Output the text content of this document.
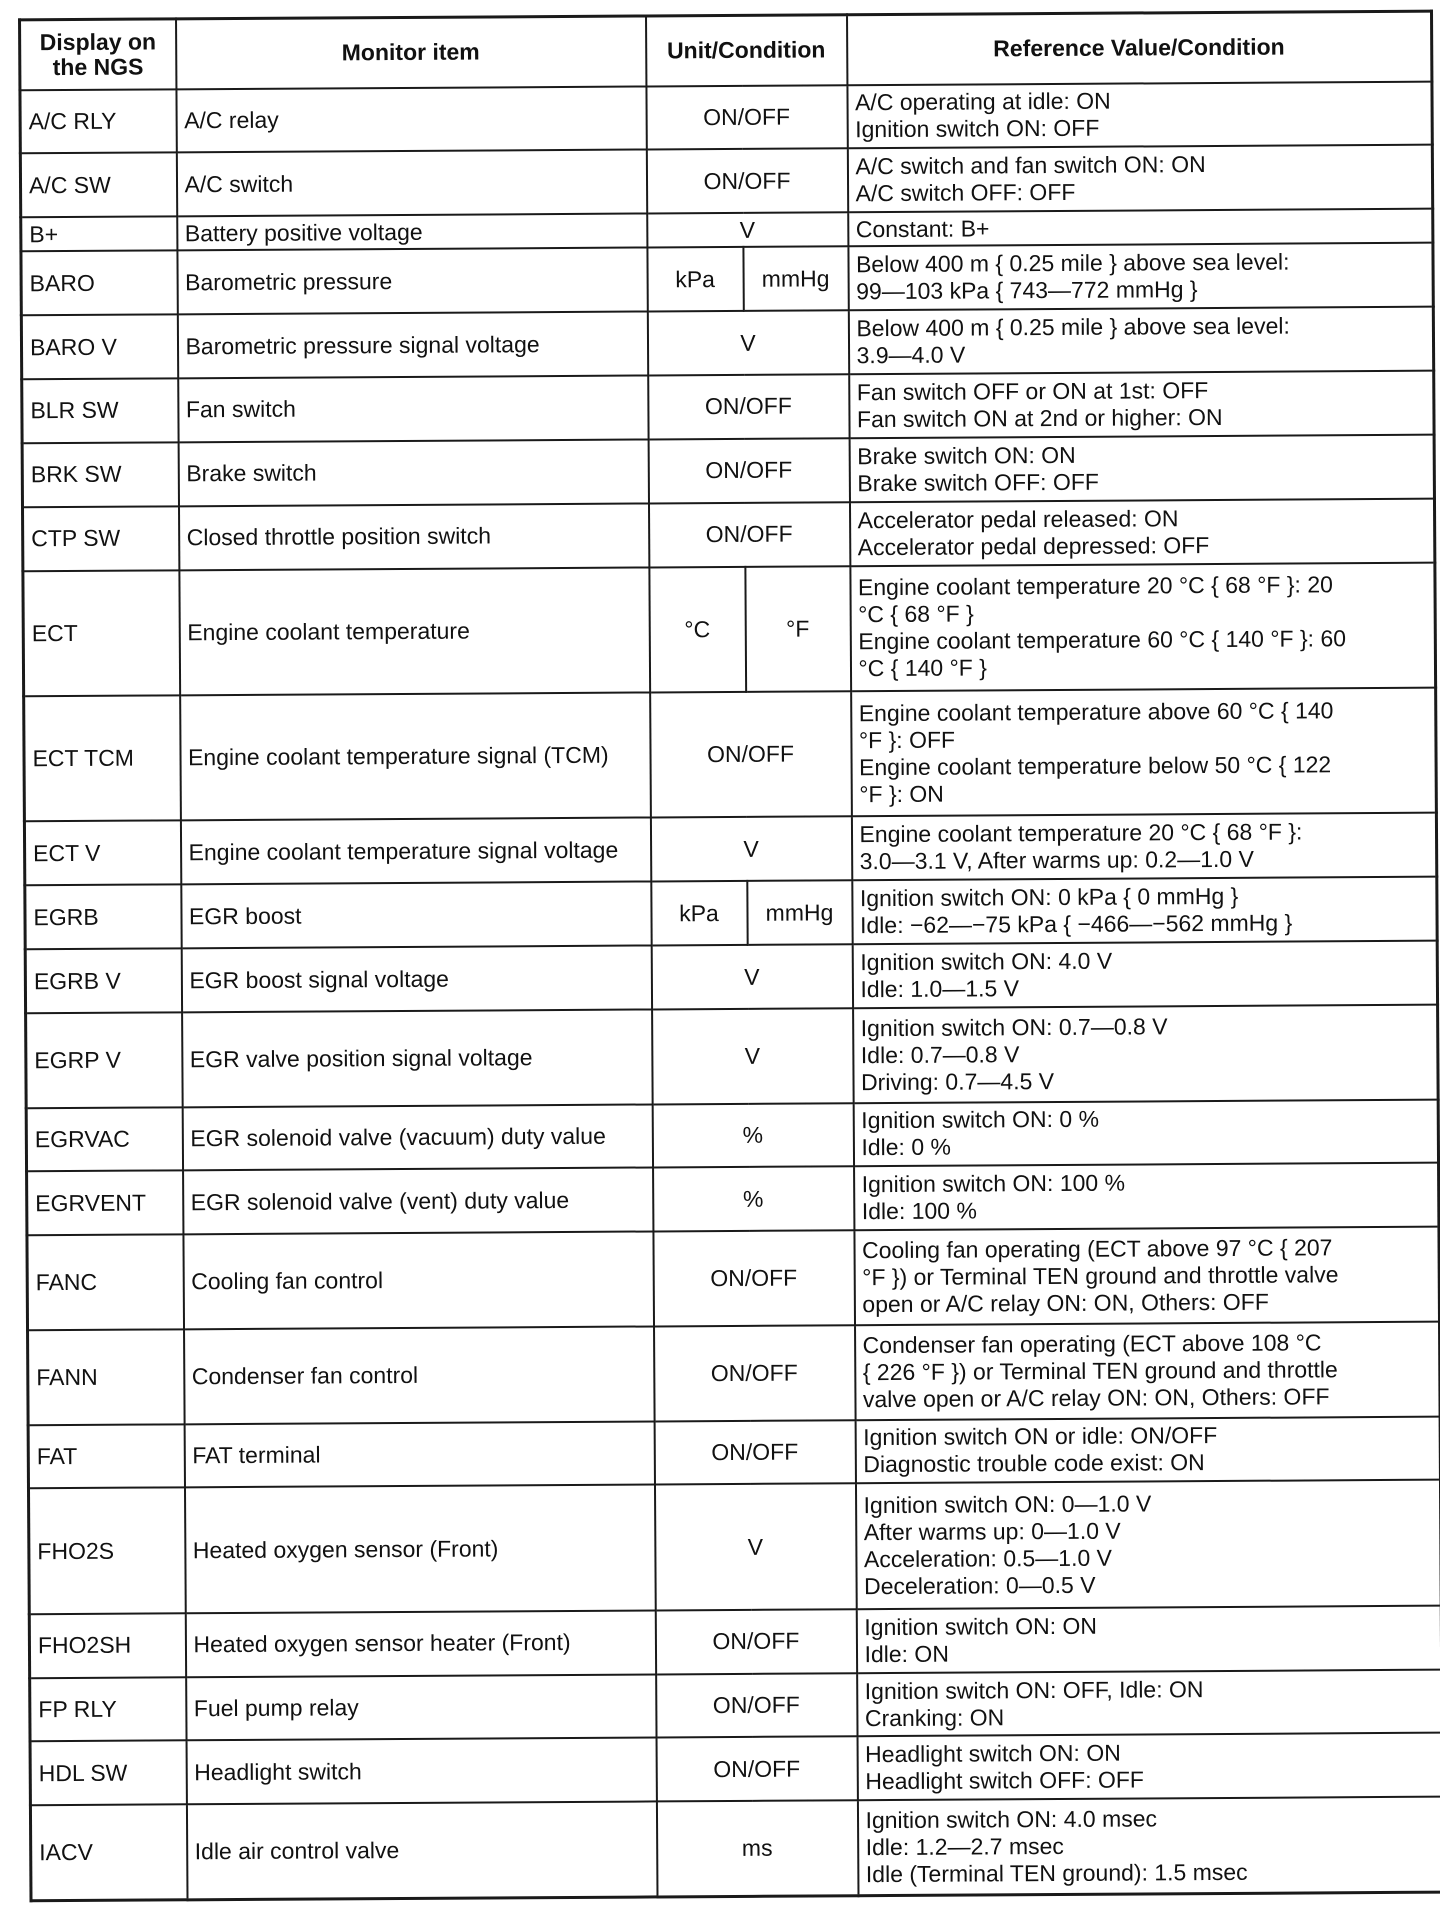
Display on the NGS	Monitor item	Unit/Condition		Reference Value/Condition
A/C RLY	A/C relay	ON/OFF		A/C operating at idle: ON
Ignition switch ON: OFF

A/C SW	A/C switch	ON/OFF		A/C switch and fan switch ON: ON
A/C switch OFF: OFF

B+	Battery positive voltage	V		Constant: B+

BARO	Barometric pressure	kPa	mmHg	Below 400 m { 0.25 mile } above sea level:
99—103 kPa { 743—772 mmHg }

BARO V	Barometric pressure signal voltage	V		Below 400 m { 0.25 mile } above sea level:
3.9—4.0 V

BLR SW	Fan switch	ON/OFF		Fan switch OFF or ON at 1st: OFF
Fan switch ON at 2nd or higher: ON

BRK SW	Brake switch	ON/OFF		Brake switch ON: ON
Brake switch OFF: OFF

CTP SW	Closed throttle position switch	ON/OFF		Accelerator pedal released: ON
Accelerator pedal depressed: OFF

ECT	Engine coolant temperature	°C	°F	Engine coolant temperature 20 °C { 68 °F }: 20
°C { 68 °F }
Engine coolant temperature 60 °C { 140 °F }: 60
°C { 140 °F }

ECT TCM	Engine coolant temperature signal (TCM)	ON/OFF		Engine coolant temperature above 60 °C { 140
°F }: OFF
Engine coolant temperature below 50 °C { 122
°F }: ON

ECT V	Engine coolant temperature signal voltage	V		Engine coolant temperature 20 °C { 68 °F }:
3.0—3.1 V, After warms up: 0.2—1.0 V

EGRB	EGR boost	kPa	mmHg	Ignition switch ON: 0 kPa { 0 mmHg }
Idle: −62—−75 kPa { −466—−562 mmHg }

EGRB V	EGR boost signal voltage	V		Ignition switch ON: 4.0 V
Idle: 1.0—1.5 V

EGRP V	EGR valve position signal voltage	V		Ignition switch ON: 0.7—0.8 V
Idle: 0.7—0.8 V
Driving: 0.7—4.5 V

EGRVAC	EGR solenoid valve (vacuum) duty value	%		Ignition switch ON: 0 %
Idle: 0 %

EGRVENT	EGR solenoid valve (vent) duty value	%		Ignition switch ON: 100 %
Idle: 100 %

FANC	Cooling fan control	ON/OFF		Cooling fan operating (ECT above 97 °C { 207
°F }) or Terminal TEN ground and throttle valve
open or A/C relay ON: ON, Others: OFF

FANN	Condenser fan control	ON/OFF		Condenser fan operating (ECT above 108 °C
{ 226 °F }) or Terminal TEN ground and throttle
valve open or A/C relay ON: ON, Others: OFF

FAT	FAT terminal	ON/OFF		Ignition switch ON or idle: ON/OFF
Diagnostic trouble code exist: ON

FHO2S	Heated oxygen sensor (Front)	V		Ignition switch ON: 0—1.0 V
After warms up: 0—1.0 V
Acceleration: 0.5—1.0 V
Deceleration: 0—0.5 V

FHO2SH	Heated oxygen sensor heater (Front)	ON/OFF		Ignition switch ON: ON
Idle: ON

FP RLY	Fuel pump relay	ON/OFF		Ignition switch ON: OFF, Idle: ON
Cranking: ON

HDL SW	Headlight switch	ON/OFF		Headlight switch ON: ON
Headlight switch OFF: OFF

IACV	Idle air control valve	ms		Ignition switch ON: 4.0 msec
Idle: 1.2—2.7 msec
Idle (Terminal TEN ground): 1.5 msec
